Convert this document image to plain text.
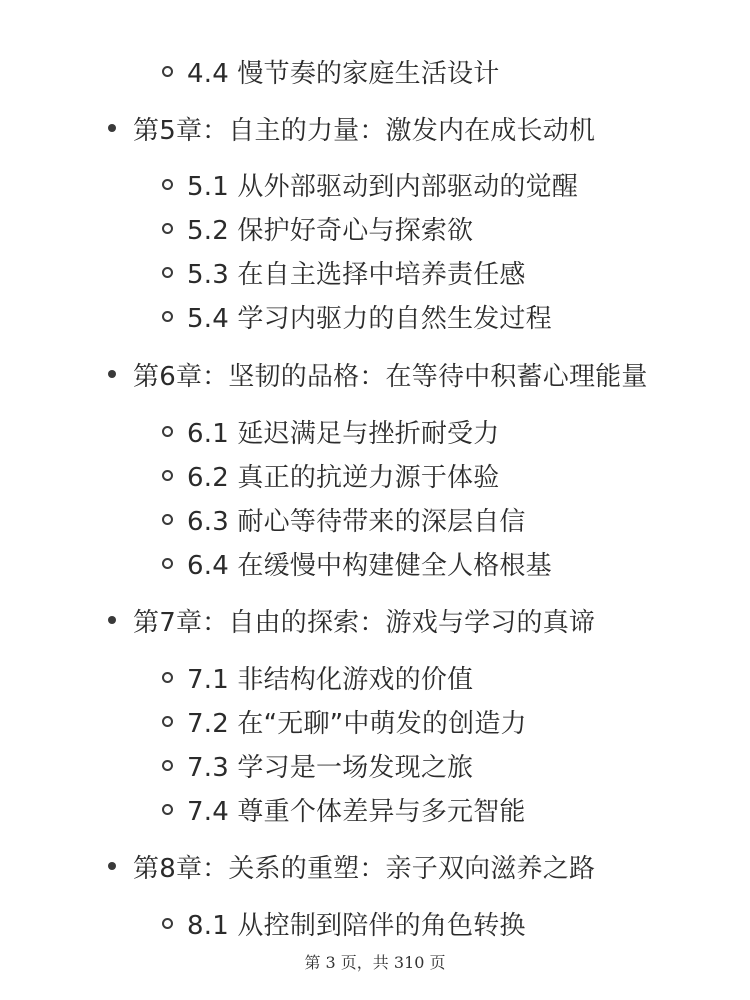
4.4 慢节奏的家庭生活设计
第5章：自主的力量：激发内在成长动机
5.1 从外部驱动到内部驱动的觉醒
5.2 保护好奇心与探索欲
5.3 在自主选择中培养责任感
5.4 学习内驱力的自然生发过程
第6章：坚韧的品格：在等待中积蓄心理能量
6.1 延迟满足与挫折耐受力
6.2 真正的抗逆力源于体验
6.3 耐心等待带来的深层自信
6.4 在缓慢中构建健全人格根基
第7章：自由的探索：游戏与学习的真谛
7.1 非结构化游戏的价值
7.2 在“无聊”中萌发的创造力
7.3 学习是一场发现之旅
7.4 尊重个体差异与多元智能
第8章：关系的重塑：亲子双向滋养之路
8.1 从控制到陪伴的角色转换
第 3 页，共 310 页
